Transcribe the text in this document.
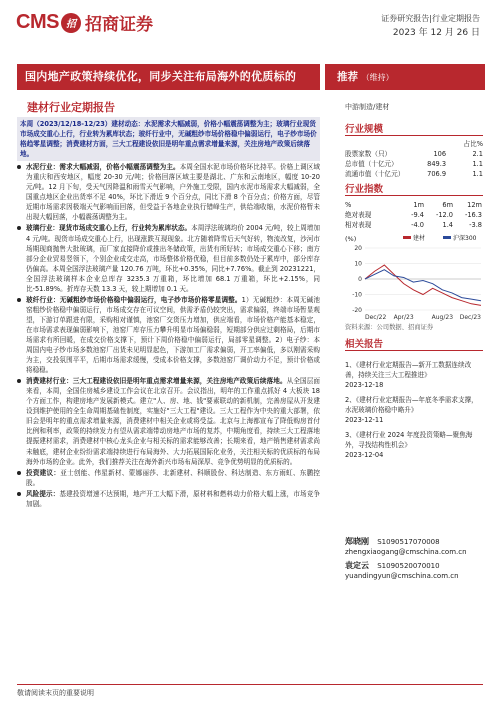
CMS 招 招商证券	证券研究报告|行业定期报告
2023 年 12 月 26 日
国内地产政策持续优化，同步关注布局海外的优质标的	推荐 （维持）
建材行业定期报告	中游制造/建材
本周（2023/12/18-12/23）建材动态：水泥需求大幅减弱，价格小幅震荡调整为主；玻璃行业现货市场成交重心上行，行业转为累库状态；玻纤行业中，无碱粗纱市场价格稳中偏弱运行，电子纱市场价格趋零星调整；消费建材方面，三大工程建设依旧是明年重点需求增量来源，关注房地产政策后续落地。
水泥行业：需求大幅减弱，价格小幅震荡调整为主。本周全国水泥市场价格环比持平。价格上调区域为重庆和西安地区，幅度 20-30 元/吨；价格回落区域主要是湖北、广东和云南地区，幅度 10-20 元/吨。12 月下旬，受天气因降温和雨雪天气影响，户外施工受限，国内水泥市场需求大幅减弱，全国重点地区企业出货率不足 40%，环比下滑近 9 个百分点，同比下滑 8 个百分点；价格方面，尽管近期市场需求因极端天气影响而回落，但受益于各地企业执行错峰生产，供给端收缩，水泥价格暂未出现大幅回落，小幅震荡调整为主。
玻璃行业：现货市场成交重心上行，行业转为累库状态。本周浮法玻璃均价 2004 元/吨，较上周增加 4 元/吨。现货市场成交重心上行，出现涨跌互现现象。北方随着降雪后天气好转，物流改复，沙河市场期现商抛售大批玻璃，而厂家直接降价或推出冬储政策，出货有所好转；市场成交重心下移；南方部分企业贸易竖领下，个别企业成交走高，市场整体价格优稳，但目前多数仍处于累库中，部分库存仍偏高。本周全国浮法玻璃产量 120.76 万吨，环比+0.35%，同比+7.76%。截止到 20231221，全国浮法玻璃样本企业总库存 3235.3 万重箱，环比增加 68.1 万重箱，环比+2.15%，同比-51.89%。折库存天数 13.3 天，较上期增加 0.1 天。
玻纤行业：无碱粗纱市场价格稳中偏弱运行，电子纱市场价格零星调整。1）无碱粗纱：本周无碱池窑粗纱价格稳中偏弱运行，市场成交存在可议空间，供需矛盾仍较突出，需求偏弱，终端市场暂显观望，下游订单跟进有限，采购相对谨慎，池窑厂交货压力增加，供应端看，市场价格产能基本稳定，在市场需求表现偏弱影响下，池窑厂库存压力攀升明显市场偏稳弱，短期部分供应过剩格局，后期市场需求有所回暖，在成交价格支撑下，预计下周价格稳中偏弱运行，局部零星调整。2）电子纱：本周国内电子纱市场多数池窑厂出货未见明显起色，下游加工厂需求偏弱，开工率偏低，多以刚需采购为主，交投氛围平平，后期市场需求缓慢，受成本价格支撑，多数池窑厂调价动力不足，预计价格或将稳稳。
消费建材行业：三大工程建设依旧是明年重点需求增量来源，关注房地产政策后续落地。从全国层面来看，本周，全国住房城乡建设工作会议在北京召开。会议指出，明年的工作重点抓好 4 大板块 18 个方面工作，构建房地产发展新模式。建立"人、房、地、钱"要素联动的新机制，完善房屋从开发建设到维护使用的全生命周期基础性制度，实施好"三大工程"建设。三大工程作为中央的重大部署，依旧会是明年的重点需求增量来源，消费建材中相关企业或将受益。北京与上海都宣布了降低购房首付比例和利率，政策的持续发力有望从需求端带动房地产市场的复苏，中期角度看，持续三大工程落地提振建材需求，消费建材中核心龙头企业与相关标的需求能够改善；长期来看，地产销售建材需求尚未触底，建材企业纷纷需求端持续进行布局海外、大力拓展国际化业务，关注相关标的优质标的布局海外市场的企业。此外，我们推荐关注在海外新兴市场布局深厚、竞争优势明显的优质标的。
投资建议：亚士创能、伟星新材、蒙娜丽莎、北新建材、科顺股份、科达制造、东方雨虹、东鹏控股。
风险提示：基建投资增速不达预期，地产开工大幅下滑，原材料和燃料动力价格大幅上涨，市场竞争加剧。
行业规模
占比%
股票家数（只）	106	2.1
总市值（十亿元）	849.3	1.1
流通市值（十亿元）	706.9	1.1
行业指数
%	1m	6m	12m
绝对表现	-9.4	-12.0	-16.3
相对表现	-4.0	1.4	-3.8
(%)	建材	沪深300
20
10
0
-10
-20
Dec/22 Apr/23	Aug/23 Dec/23
资料来源：公司数据、招商证券
相关报告
1、《建材行业定期报告—新开工数据连续改善，持续关注三大工程推进》
2023-12-18
2、《建材行业定期报告—年底冬季需求支撑，水泥玻璃价格稳中略升》
2023-12-11
3、《建材行业 2024 年度投资策略—聚焦海外，寻找结构性机会》
2023-12-04
郑晓刚 S1090517070008
zhengxiaogang@cmschina.com.cn
袁定云 S1090520070010
yuandingyun@cmschina.com.cn
敬请阅读末页的重要说明
